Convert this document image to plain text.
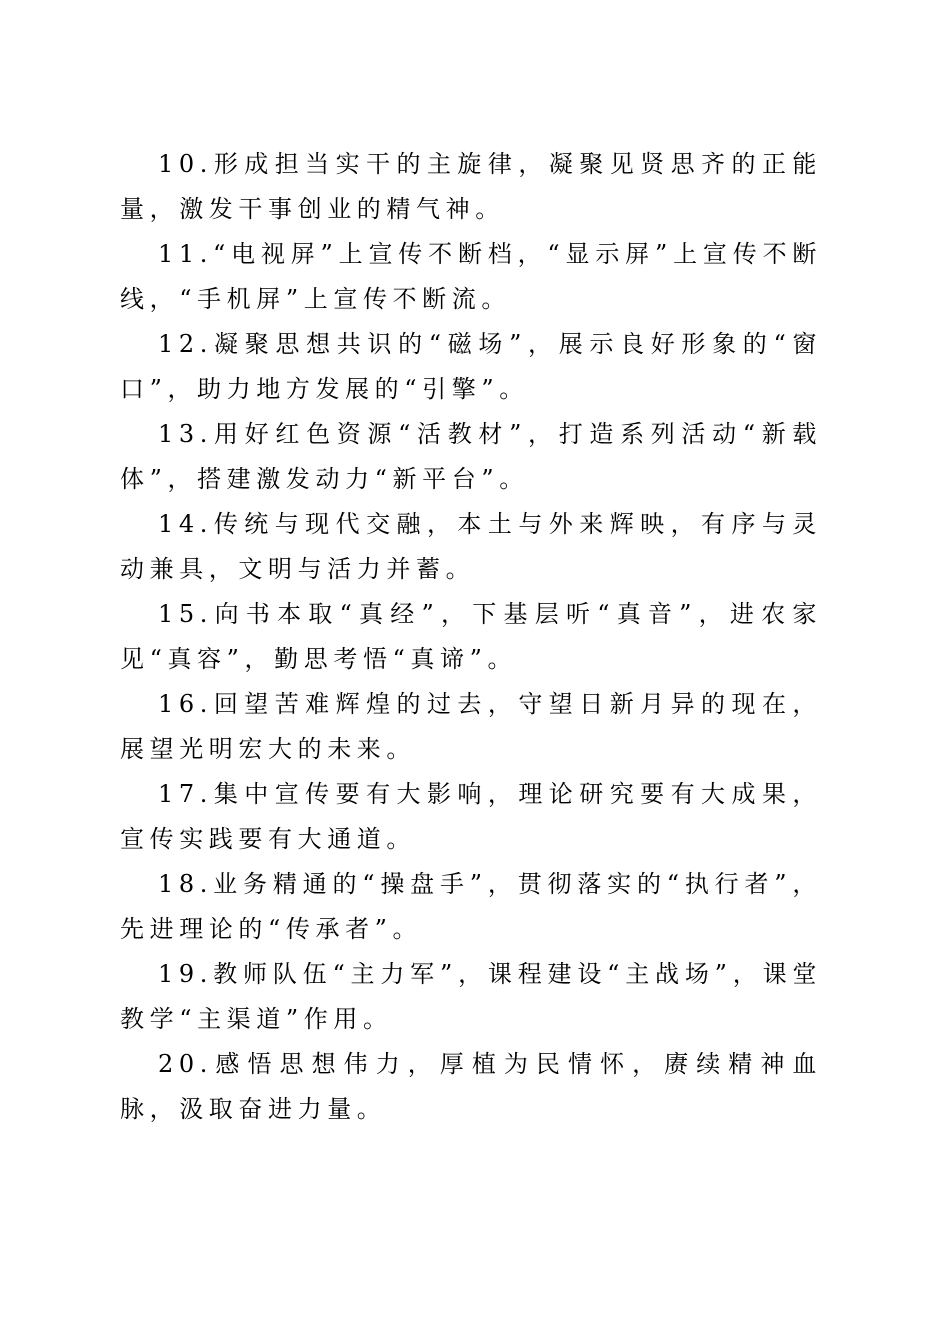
10.形成担当实干的主旋律，凝聚见贤思齐的正能量，激发干事创业的精气神。

11.“电视屏”上宣传不断档，“显示屏”上宣传不断线，“手机屏”上宣传不断流。

12.凝聚思想共识的“磁场”，展示良好形象的“窗口”，助力地方发展的“引擎”。

13.用好红色资源“活教材”，打造系列活动“新载体”，搭建激发动力“新平台”。

14.传统与现代交融，本土与外来辉映，有序与灵动兼具，文明与活力并蓄。

15.向书本取“真经”，下基层听“真音”，进农家见“真容”，勤思考悟“真谛”。

16.回望苦难辉煌的过去，守望日新月异的现在，展望光明宏大的未来。

17.集中宣传要有大影响，理论研究要有大成果，宣传实践要有大通道。

18.业务精通的“操盘手”，贯彻落实的“执行者”，先进理论的“传承者”。

19.教师队伍“主力军”，课程建设“主战场”，课堂教学“主渠道”作用。

20.感悟思想伟力，厚植为民情怀，赓续精神血脉，汲取奋进力量。
